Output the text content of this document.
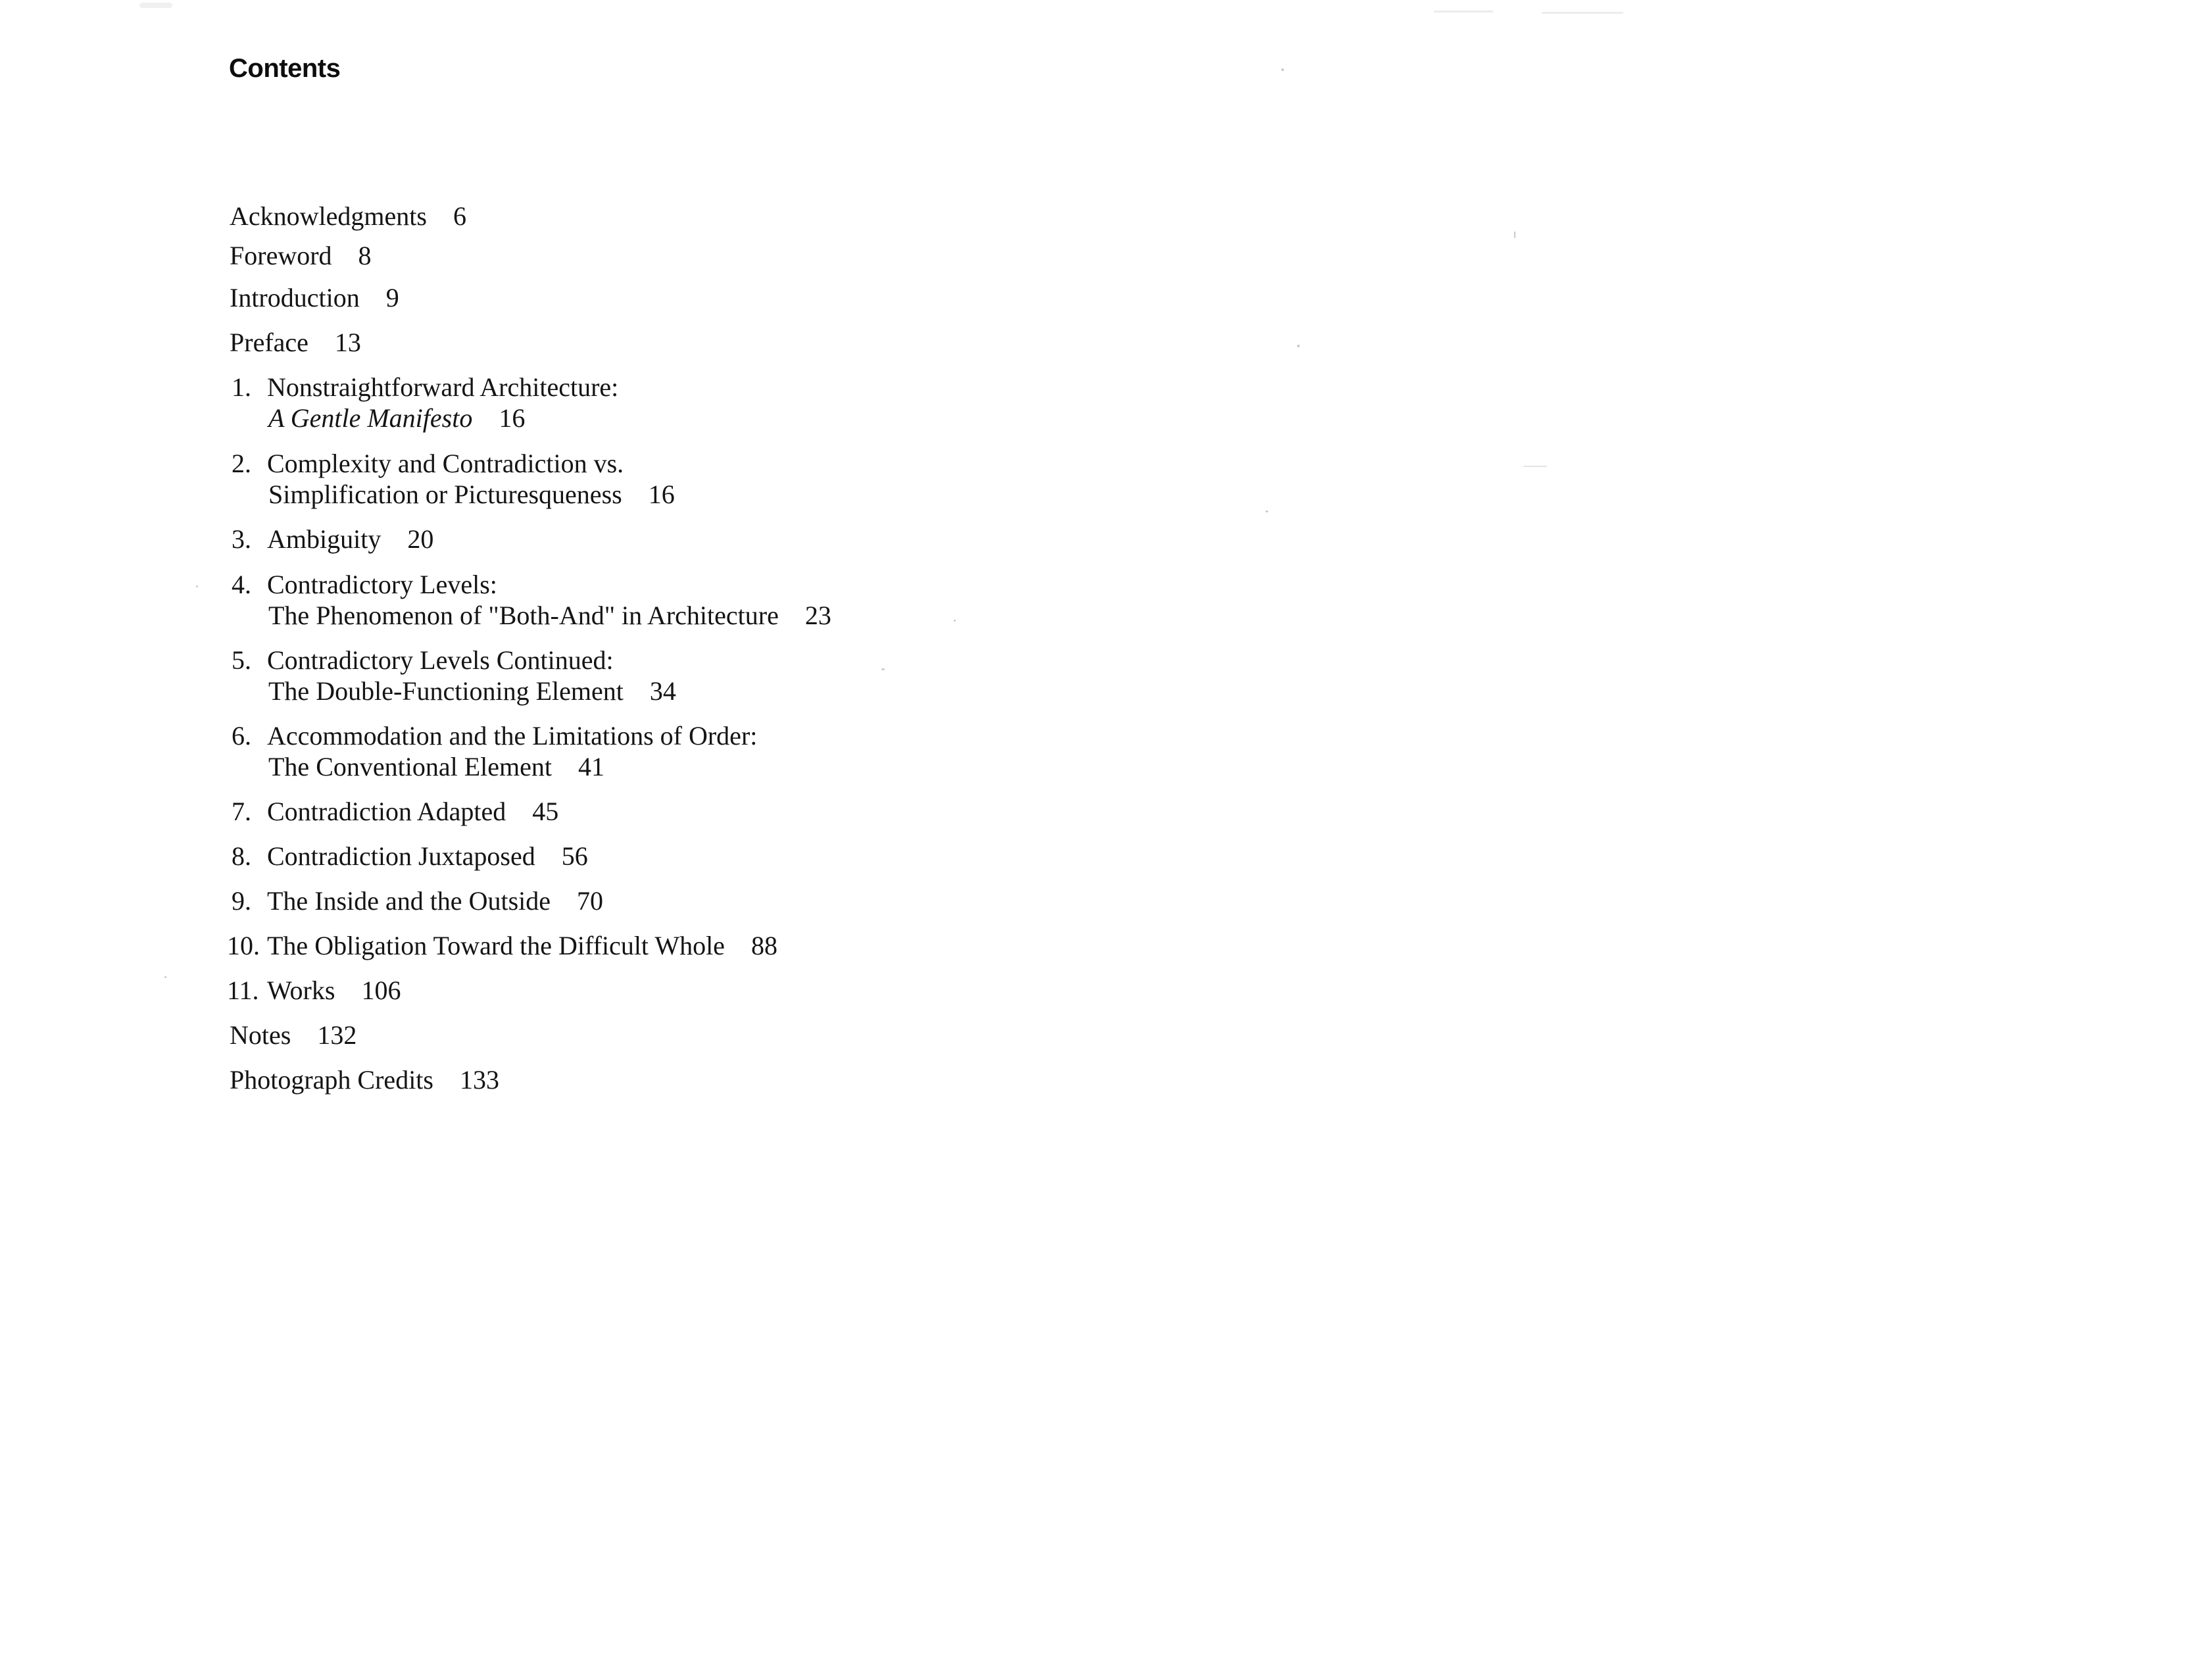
Contents
Acknowledgments 6
Foreword 8
Introduction 9
Preface 13
1. Nonstraightforward Architecture:
A Gentle Manifesto 16
2. Complexity and Contradiction vs.
Simplification or Picturesqueness 16
3. Ambiguity 20
4. Contradictory Levels:
The Phenomenon of "Both-And" in Architecture 23
5. Contradictory Levels Continued:
The Double-Functioning Element 34
6. Accommodation and the Limitations of Order:
The Conventional Element 41
7. Contradiction Adapted 45
8. Contradiction Juxtaposed 56
9. The Inside and the Outside 70
10. The Obligation Toward the Difficult Whole 88
11. Works 106
Notes 132
Photograph Credits 133
